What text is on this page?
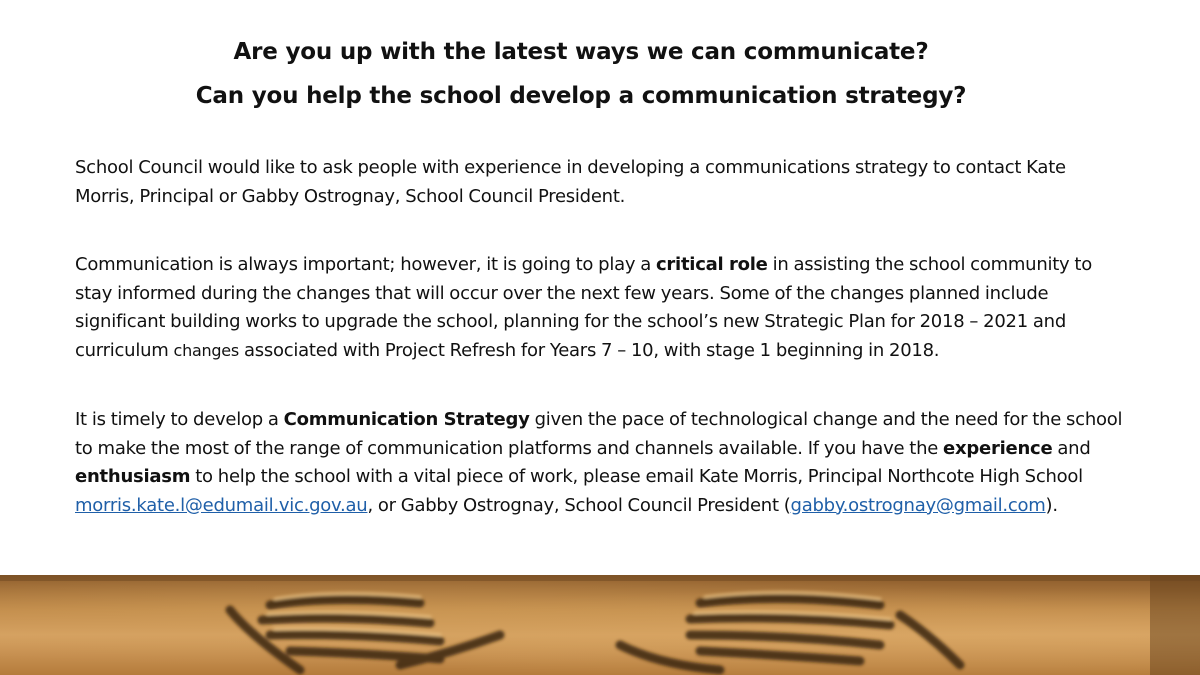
Are you up with the latest ways we can communicate?
Can you help the school develop a communication strategy?

School Council would like to ask people with experience in developing a communications strategy to contact Kate Morris, Principal or Gabby Ostrognay, School Council President.

Communication is always important; however, it is going to play a critical role in assisting the school community to stay informed during the changes that will occur over the next few years. Some of the changes planned include significant building works to upgrade the school, planning for the school’s new Strategic Plan for 2018 – 2021 and curriculum changes associated with Project Refresh for Years 7 – 10, with stage 1 beginning in 2018.

It is timely to develop a Communication Strategy given the pace of technological change and the need for the school to make the most of the range of communication platforms and channels available. If you have the experience and enthusiasm to help the school with a vital piece of work, please email Kate Morris, Principal Northcote High School morris.kate.l@edumail.vic.gov.au, or Gabby Ostrognay, School Council President (gabby.ostrognay@gmail.com).
